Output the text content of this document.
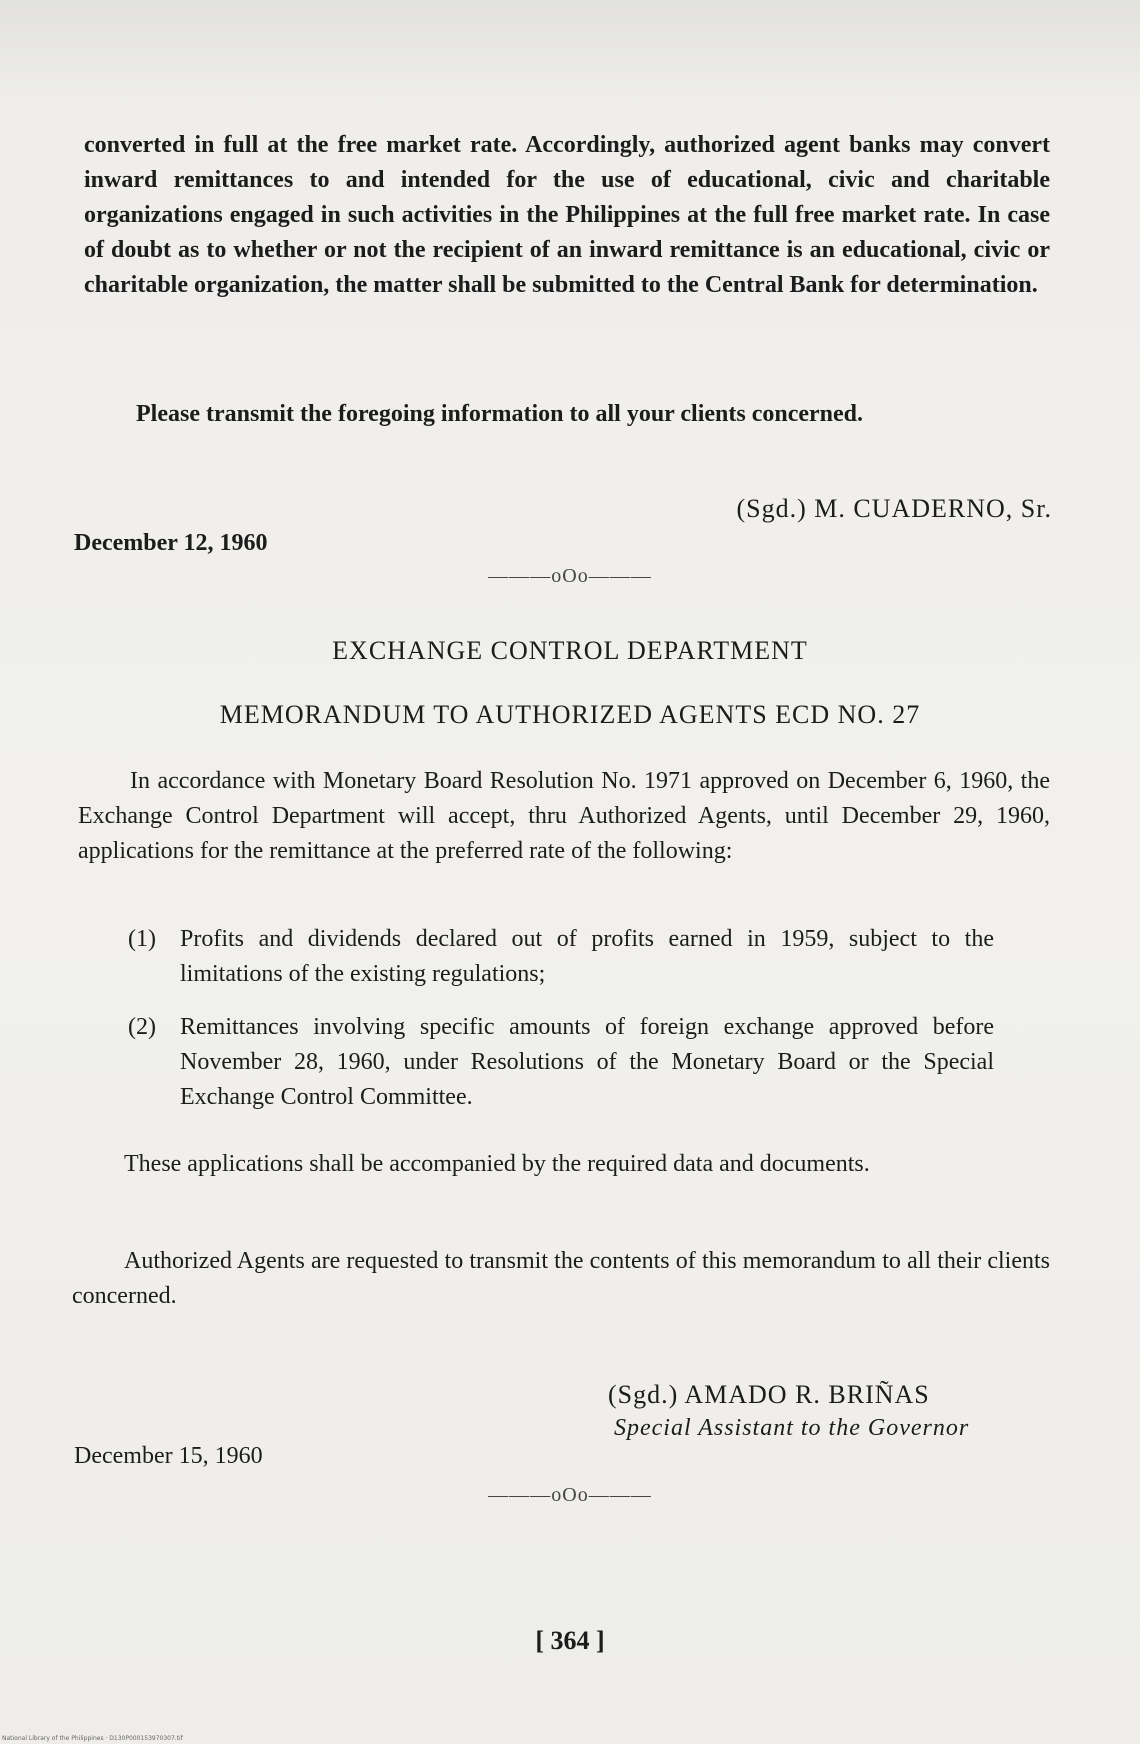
converted in full at the free market rate. Accordingly, authorized agent banks may convert inward remittances to and intended for the use of educational, civic and charitable organizations engaged in such activities in the Philippines at the full free market rate. In case of doubt as to whether or not the recipient of an inward remittance is an educational, civic or charitable organization, the matter shall be submitted to the Central Bank for determination.

Please transmit the foregoing information to all your clients concerned.

(Sgd.) M. CUADERNO, Sr.
December 12, 1960
———oOo———
EXCHANGE CONTROL DEPARTMENT
MEMORANDUM TO AUTHORIZED AGENTS ECD NO. 27

In accordance with Monetary Board Resolution No. 1971 approved on December 6, 1960, the Exchange Control Department will accept, thru Authorized Agents, until December 29, 1960, applications for the remittance at the preferred rate of the following:

(1)	Profits and dividends declared out of profits earned in 1959, subject to the limitations of the existing regulations;
(2)	Remittances involving specific amounts of foreign exchange approved before November 28, 1960, under Resolutions of the Monetary Board or the Special Exchange Control Committee.

These applications shall be accompanied by the required data and documents.

Authorized Agents are requested to transmit the contents of this memorandum to all their clients concerned.

(Sgd.) AMADO R. BRIÑAS
Special Assistant to the Governor
December 15, 1960
———oOo———
[ 364 ]
National Library of the Philippines · D130P000153970307.tif
